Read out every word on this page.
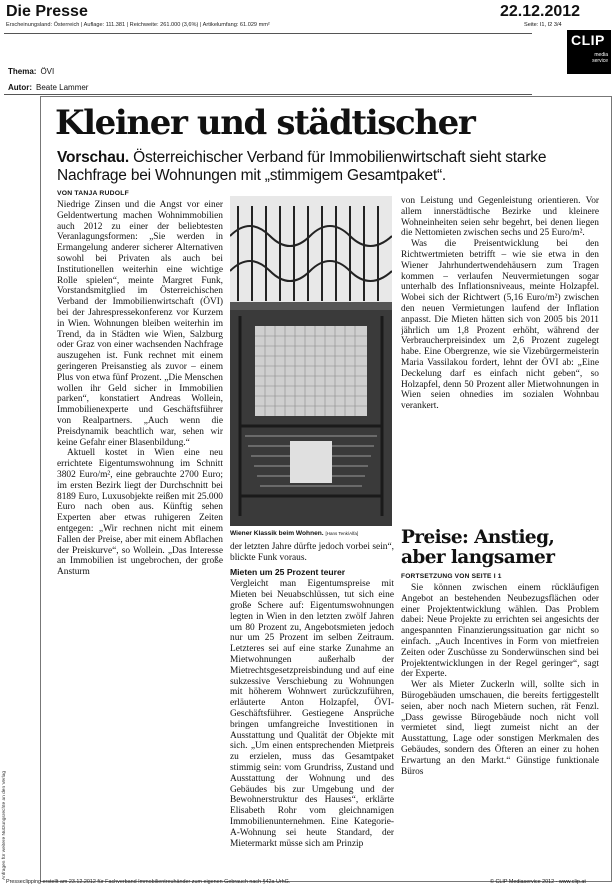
Die Presse	22.12.2012
Erscheinungsland: Österreich | Auflage: 111.381 | Reichweite: 261.000 (3,6%) | Artikelumfang: 61.029 mm²	Seite: I1, I2 3/4
CLIP
media
service
Thema: ÖVI
Autor: Beate Lammer
Kleiner und städtischer
Vorschau. Österreichischer Verband für Immobilienwirtschaft sieht starke Nachfrage bei Wohnungen mit „stimmigem Gesamtpaket“.
VON TANJA RUDOLF

Niedrige Zinsen und die Angst vor einer Geldentwertung machen Wohnimmobilien auch 2012 zu einer der beliebtesten Veranlagungsformen: „Sie werden in Ermangelung anderer sicherer Alternativen sowohl bei Privaten als auch bei Institutionellen weiterhin eine wichtige Rolle spielen“, meinte Margret Funk, Vorstandsmitglied im Österreichischen Verband der Immobilienwirtschaft (ÖVI) bei der Jahrespressekonferenz vor Kurzem in Wien. Wohnungen bleiben weiterhin im Trend, da in Städten wie Wien, Salzburg oder Graz von einer wachsenden Nachfrage auszugehen ist. Funk rechnet mit einem geringeren Preisanstieg als zuvor – einem Plus von etwa fünf Prozent. „Die Menschen wollen ihr Geld sicher in Immobilien parken“, konstatiert Andreas Wollein, Immobilienexperte und Geschäftsführer von Realpartners. „Auch wenn die Preisdynamik beachtlich war, sehen wir keine Gefahr einer Blasenbildung.“

Aktuell kostet in Wien eine neu errichtete Eigentumswohnung im Schnitt 3802 Euro/m², eine gebrauchte 2700 Euro; im ersten Bezirk liegt der Durchschnitt bei 8189 Euro, Luxusobjekte reißen mit 25.000 Euro nach oben aus. Künftig sehen Experten aber etwas ruhigeren Zeiten entgegen: „Wir rechnen nicht mit einem Fallen der Preise, aber mit einem Abflachen der Preiskurve“, so Wollein. „Das Interesse an Immobilien ist ungebrochen, der große Ansturm

Wiener Klassik beim Wohnen. [Hans Tenk/Alfa]

der letzten Jahre dürfte jedoch vorbei sein“, blickte Funk voraus.

Mieten um 25 Prozent teurer

Vergleicht man Eigentumspreise mit Mieten bei Neuabschlüssen, tut sich eine große Schere auf: Eigentumswohnungen legten in Wien in den letzten zwölf Jahren um 80 Prozent zu, Angebotsmieten jedoch nur um 25 Prozent im selben Zeitraum. Letzteres sei auf eine starke Zunahme an Mietwohnungen außerhalb der Mietrechtsgesetzpreisbindung und auf eine sukzessive Verschiebung zu Wohnungen mit höherem Wohnwert zurückzuführen, erläuterte Anton Holzapfel, ÖVI-Geschäftsführer. Gestiegene Ansprüche bringen umfangreiche Investitionen in Ausstattung und Qualität der Objekte mit sich. „Um einen entsprechenden Mietpreis zu erzielen, muss das Gesamtpaket stimmig sein: vom Grundriss, Zustand und Ausstattung der Wohnung und des Gebäudes bis zur Umgebung und der Bewohnerstruktur des Hauses“, erklärte Elisabeth Rohr vom gleichnamigen Immobilienunternehmen. Eine Kategorie-A-Wohnung sei heute Standard, der Mietermarkt müsse sich am Prinzip

von Leistung und Gegenleistung orientieren. Vor allem innerstädtische Bezirke und kleinere Wohneinheiten seien sehr begehrt, bei denen liegen die Nettomieten zwischen sechs und 25 Euro/m².

Was die Preisentwicklung bei den Richtwertmieten betrifft – wie sie etwa in den Wiener Jahrhundertwendehäusern zum Tragen kommen – verlaufen Neuvermietungen sogar unterhalb des Inflationsniveaus, meinte Holzapfel. Wobei sich der Richtwert (5,16 Euro/m²) zwischen den neuen Vermietungen laufend der Inflation anpasst. Die Mieten hätten sich von 2005 bis 2011 jährlich um 1,8 Prozent erhöht, während der Verbraucherpreisindex um 2,6 Prozent zugelegt habe. Eine Obergrenze, wie sie Vizebürgermeisterin Maria Vassilakou fordert, lehnt der ÖVI ab: „Eine Deckelung darf es einfach nicht geben“, so Holzapfel, denn 50 Prozent aller Mietwohnungen in Wien seien ohnedies im sozialen Wohnbau verankert.

Preise: Anstieg, aber langsamer
FORTSETZUNG VON SEITE I 1

Sie können zwischen einem rückläufigen Angebot an bestehenden Neubezugsflächen oder einer Projektentwicklung wählen. Das Problem dabei: Neue Projekte zu errichten sei angesichts der angespannten Finanzierungssituation gar nicht so einfach. „Auch Incentives in Form von mietfreien Zeiten oder Zuschüsse zu Sonderwünschen sind bei Projektentwicklungen in der Regel geringer“, sagt der Experte.

Wer als Mieter Zuckerln will, sollte sich in Bürogebäuden umschauen, die bereits fertiggestellt seien, aber noch nach Mietern suchen, rät Fenzl. „Dass gewisse Bürogebäude noch nicht voll vermietet sind, liegt zumeist nicht an der Ausstattung, Lage oder sonstigen Merkmalen des Gebäudes, sondern des Öfteren an einer zu hohen Erwartung an den Markt.“ Günstige funktionale Büros

Anfragen für weitere Nutzungsrechte an den Verlag
Presseclipping erstellt am 23.12.2012 für Fachverband Immobilientreuhänder zum eigenen Gebrauch nach §42a UrhG.	© CLIP Mediaservice 2012 - www.clip.at
